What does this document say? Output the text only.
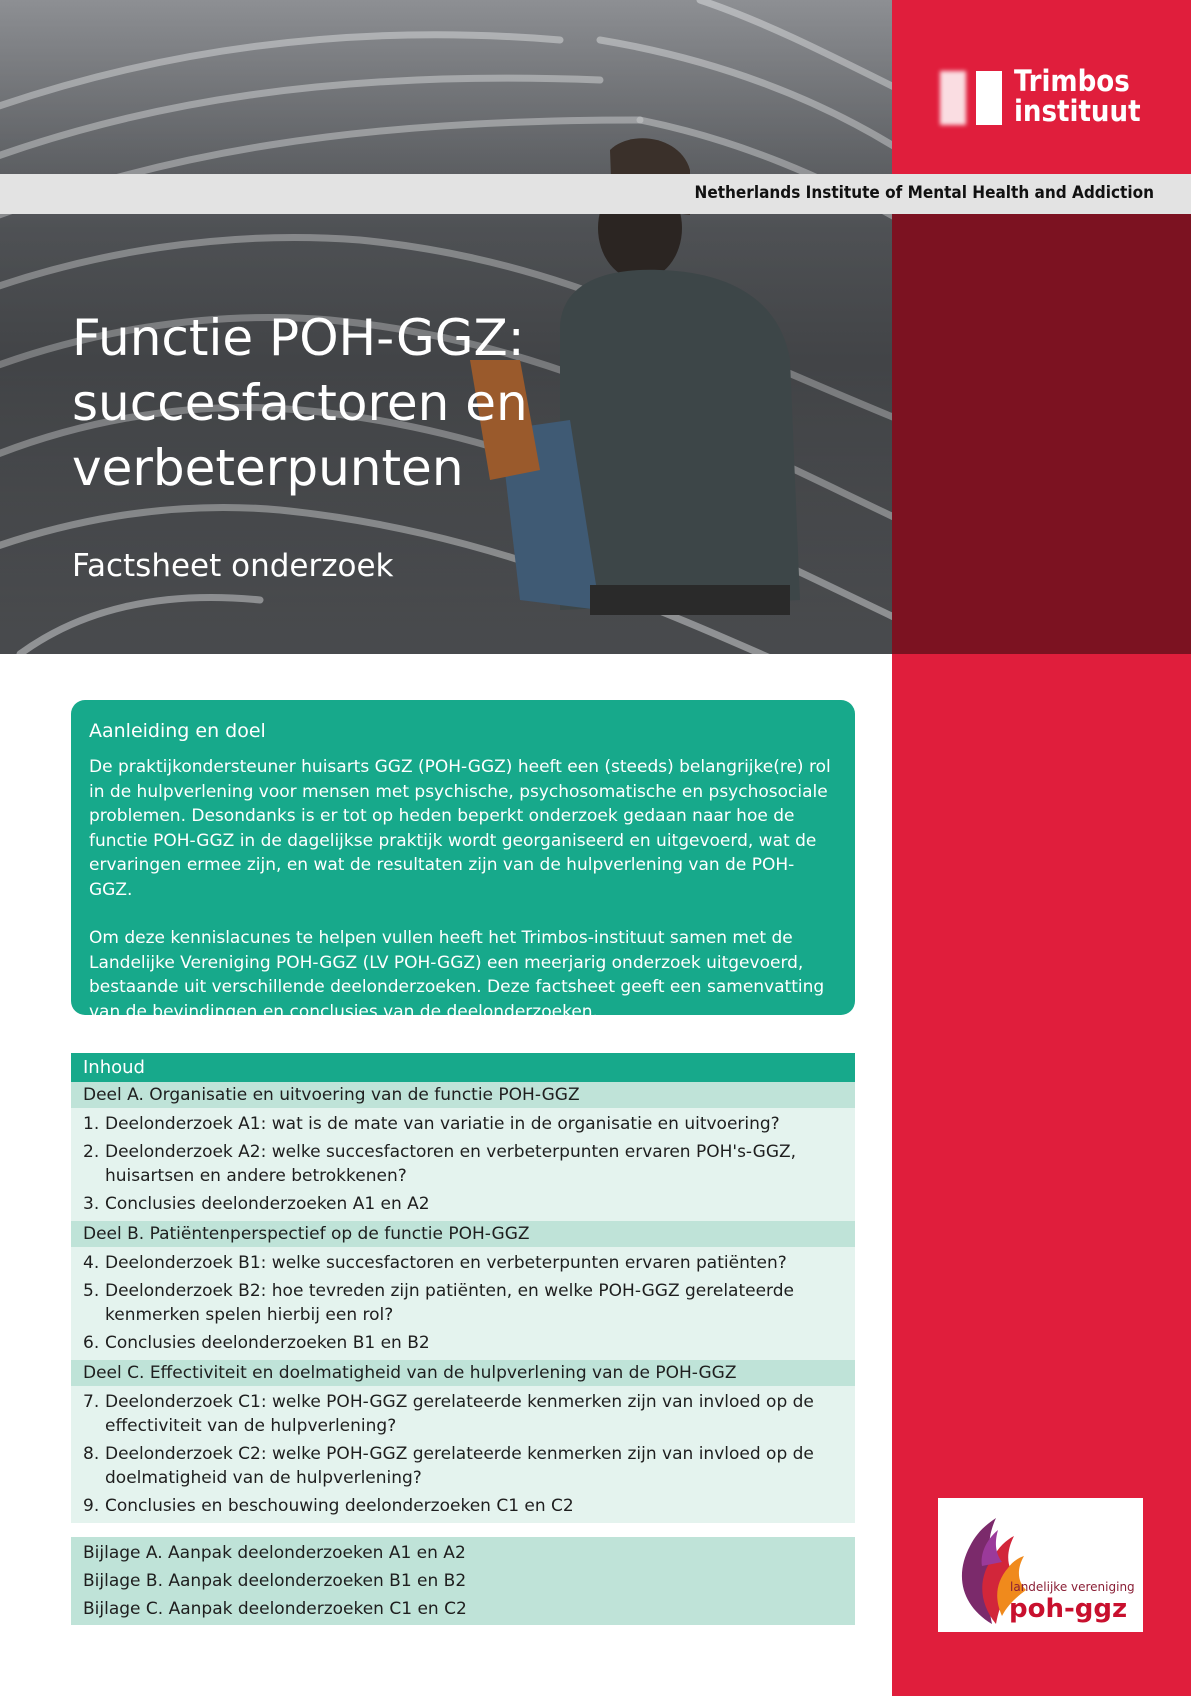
Functie POH-GGZ:
succesfactoren en
verbeterpunten
Factsheet onderzoek
Netherlands Institute of Mental Health and Addiction
Trimbos
instituut
Aanleiding en doel

De praktijkondersteuner huisarts GGZ (POH-GGZ) heeft een (steeds) belangrijke(re) rol in de hulpverlening voor mensen met psychische, psychosomatische en psychosociale problemen. Desondanks is er tot op heden beperkt onderzoek gedaan naar hoe de functie POH-GGZ in de dagelijkse praktijk wordt georganiseerd en uitgevoerd, wat de ervaringen ermee zijn, en wat de resultaten zijn van de hulpverlening van de POH-GGZ.

Om deze kennislacunes te helpen vullen heeft het Trimbos-instituut samen met de Landelijke Vereniging POH-GGZ (LV POH-GGZ) een meerjarig onderzoek uitgevoerd, bestaande uit verschillende deelonderzoeken. Deze factsheet geeft een samenvatting van de bevindingen en conclusies van de deelonderzoeken.

Inhoud
Deel A. Organisatie en uitvoering van de functie POH-GGZ
1. Deelonderzoek A1: wat is de mate van variatie in de organisatie en uitvoering?
2. Deelonderzoek A2: welke succesfactoren en verbeterpunten ervaren POH's-GGZ, huisartsen en andere betrokkenen?
3. Conclusies deelonderzoeken A1 en A2
Deel B. Patiëntenperspectief op de functie POH-GGZ
4. Deelonderzoek B1: welke succesfactoren en verbeterpunten ervaren patiënten?
5. Deelonderzoek B2: hoe tevreden zijn patiënten, en welke POH-GGZ gerelateerde kenmerken spelen hierbij een rol?
6. Conclusies deelonderzoeken B1 en B2
Deel C. Effectiviteit en doelmatigheid van de hulpverlening van de POH-GGZ
7. Deelonderzoek C1: welke POH-GGZ gerelateerde kenmerken zijn van invloed op de effectiviteit van de hulpverlening?
8. Deelonderzoek C2: welke POH-GGZ gerelateerde kenmerken zijn van invloed op de doelmatigheid van de hulpverlening?
9. Conclusies en beschouwing deelonderzoeken C1 en C2
Bijlage A. Aanpak deelonderzoeken A1 en A2
Bijlage B. Aanpak deelonderzoeken B1 en B2
Bijlage C. Aanpak deelonderzoeken C1 en C2
landelijke vereniging
poh-ggz
